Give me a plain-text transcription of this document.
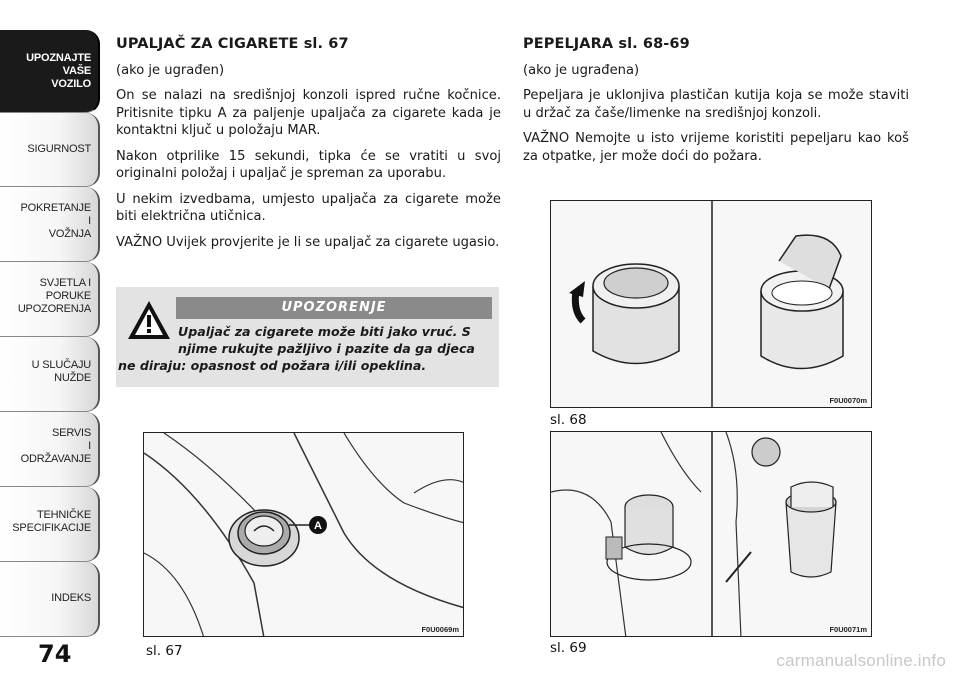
UPOZNAJTE
VAŠE
VOZILO
SIGURNOST
POKRETANJE
I
VOŽNJA
SVJETLA I
PORUKE
UPOZORENJA
U SLUČAJU
NUŽDE
SERVIS
I
ODRŽAVANJE
TEHNIČKE
SPECIFIKACIJE
INDEKS
74
UPALJAČ ZA CIGARETE sl. 67

(ako je ugrađen)

On se nalazi na središnjoj konzoli ispred ručne kočnice. Pritisnite tipku A za paljenje upaljača za cigarete kada je kontaktni ključ u položaju MAR.

Nakon otprilike 15 sekundi, tipka će se vratiti u svoj originalni položaj i upaljač je spreman za uporabu.

U nekim izvedbama, umjesto upaljača za cigarete može biti električna utičnica.

VAŽNO Uvijek provjerite je li se upaljač za cigarete ugasio.

UPOZORENJE
Upaljač za cigarete može biti jako vruć. S
njime rukujte pažljivo i pazite da ga djeca
ne diraju: opasnost od požara i/ili opeklina.
A
F0U0069m
sl. 67
PEPELJARA sl. 68-69

(ako je ugrađena)

Pepeljara je uklonjiva plastičan kutija koja se može staviti u držač za čaše/limenke na središnjoj konzoli.

VAŽNO Nemojte u isto vrijeme koristiti pepeljaru kao koš za otpatke, jer može doći do požara.

F0U0070m
sl. 68
F0U0071m
sl. 69
carmanualsonline.info
